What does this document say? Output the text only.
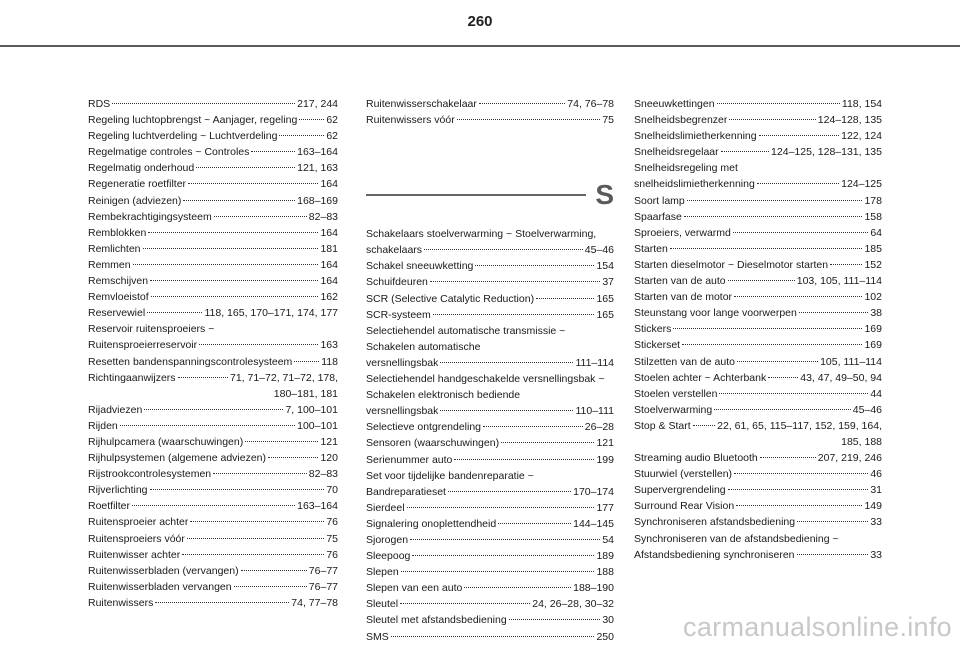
260
RDS	217, 244
Regeling luchtopbrengst ~ Aanjager, regeling	62
Regeling luchtverdeling ~ Luchtverdeling	62
Regelmatige controles ~ Controles	163–164
Regelmatig onderhoud	121, 163
Regeneratie roetfilter	164
Reinigen (adviezen)	168–169
Rembekrachtigingsysteem	82–83
Remblokken	164
Remlichten	181
Remmen	164
Remschijven	164
Remvloeistof	162
Reservewiel	118, 165, 170–171, 174, 177
Reservoir ruitensproeiers ~
Ruitensproeierreservoir	163
Resetten bandenspanningscontrolesysteem	118
Richtingaanwijzers	71, 71–72, 71–72, 178,
180–181, 181
Rijadviezen	7, 100–101
Rijden	100–101
Rijhulpcamera (waarschuwingen)	121
Rijhulpsystemen (algemene adviezen)	120
Rijstrookcontrolesystemen	82–83
Rijverlichting	70
Roetfilter	163–164
Ruitensproeier achter	76
Ruitensproeiers vóór	75
Ruitenwisser achter	76
Ruitenwisserbladen (vervangen)	76–77
Ruitenwisserbladen vervangen	76–77
Ruitenwissers	74, 77–78
Ruitenwisserschakelaar	74, 76–78
Ruitenwissers vóór	75
S
Schakelaars stoelverwarming ~ Stoelverwarming,
schakelaars	45–46
Schakel sneeuwketting	154
Schuifdeuren	37
SCR (Selective Catalytic Reduction)	165
SCR-systeem	165
Selectiehendel automatische transmissie ~
Schakelen automatische
versnellingsbak	111–114
Selectiehendel handgeschakelde versnellingsbak ~
Schakelen elektronisch bediende
versnellingsbak	110–111
Selectieve ontgrendeling	26–28
Sensoren (waarschuwingen)	121
Serienummer auto	199
Set voor tijdelijke bandenreparatie ~
Bandreparatieset	170–174
Sierdeel	177
Signalering onoplettendheid	144–145
Sjorogen	54
Sleepoog	189
Slepen	188
Slepen van een auto	188–190
Sleutel	24, 26–28, 30–32
Sleutel met afstandsbediening	30
SMS	250
Sneeuwkettingen	118, 154
Snelheidsbegrenzer	124–128, 135
Snelheidslimietherkenning	122, 124
Snelheidsregelaar	124–125, 128–131, 135
Snelheidsregeling met
snelheidslimietherkenning	124–125
Soort lamp	178
Spaarfase	158
Sproeiers, verwarmd	64
Starten	185
Starten dieselmotor ~ Dieselmotor starten	152
Starten van de auto	103, 105, 111–114
Starten van de motor	102
Steunstang voor lange voorwerpen	38
Stickers	169
Stickerset	169
Stilzetten van de auto	105, 111–114
Stoelen achter ~ Achterbank	43, 47, 49–50, 94
Stoelen verstellen	44
Stoelverwarming	45–46
Stop & Start	22, 61, 65, 115–117, 152, 159, 164,
185, 188
Streaming audio Bluetooth	207, 219, 246
Stuurwiel (verstellen)	46
Supervergrendeling	31
Surround Rear Vision	149
Synchroniseren afstandsbediening	33
Synchroniseren van de afstandsbediening ~
Afstandsbediening synchroniseren	33
carmanualsonline.info
